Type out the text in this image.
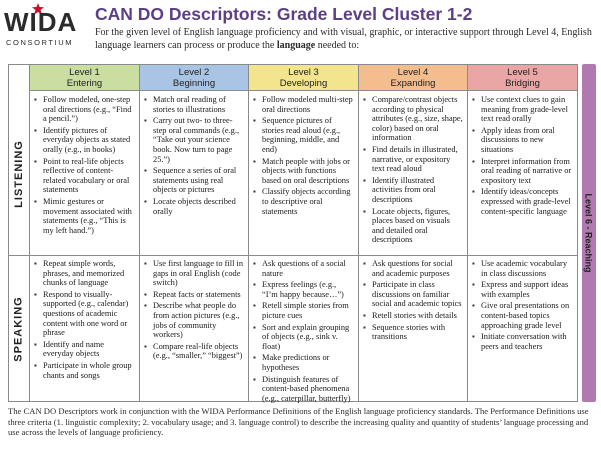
WIDA
CONSORTIUM
CAN DO Descriptors: Grade Level Cluster 1-2
For the given level of English language proficiency and with visual, graphic, or interactive support through Level 4, English language learners can process or produce the language needed to:
LISTENING
SPEAKING
Level 1
Entering
▪ Follow modeled, one-step oral directions (e.g., “Find a pencil.”)
▪ Identify pictures of everyday objects as stated orally (e.g., in books)
▪ Point to real-life objects reflective of content-related vocabulary or oral statements
▪ Mimic gestures or movement associated with statements (e.g., “This is my left hand.”)
▪ Repeat simple words, phrases, and memorized chunks of language
▪ Respond to visually-supported (e.g., calendar) questions of academic content with one word or phrase
▪ Identify and name everyday objects
▪ Participate in whole group chants and songs
Level 2
Beginning
▪ Match oral reading of stories to illustrations
▪ Carry out two- to three-step oral commands (e.g., “Take out your science book. Now turn to page 25.”)
▪ Sequence a series of oral statements using real objects or pictures
▪ Locate objects described orally
▪ Use first language to fill in gaps in oral English (code switch)
▪ Repeat facts or statements
▪ Describe what people do from action pictures (e.g., jobs of community workers)
▪ Compare real-life objects (e.g., “smaller,” “biggest”)
Level 3
Developing
▪ Follow modeled multi-step oral directions
▪ Sequence pictures of stories read aloud (e.g., beginning, middle, and end)
▪ Match people with jobs or objects with functions based on oral descriptions
▪ Classify objects according to descriptive oral statements
▪ Ask questions of a social nature
▪ Express feelings (e.g., “I’m happy because…”)
▪ Retell simple stories from picture cues
▪ Sort and explain grouping of objects (e.g., sink v. float)
▪ Make predictions or hypotheses
▪ Distinguish features of content-based phenomena (e.g., caterpillar, butterfly)
Level 4
Expanding
▪ Compare/contrast objects according to physical attributes (e.g., size, shape, color) based on oral information
▪ Find details in illustrated, narrative, or expository text read aloud
▪ Identify illustrated activities from oral descriptions
▪ Locate objects, figures, places based on visuals and detailed oral descriptions
▪ Ask questions for social and academic purposes
▪ Participate in class discussions on familiar social and academic topics
▪ Retell stories with details
▪ Sequence stories with transitions
Level 5
Bridging
▪ Use context clues to gain meaning from grade-level text read orally
▪ Apply ideas from oral discussions to new situations
▪ Interpret information from oral reading of narrative or expository text
▪ Identify ideas/concepts expressed with grade-level content-specific language
▪ Use academic vocabulary in class discussions
▪ Express and support ideas with examples
▪ Give oral presentations on content-based topics approaching grade level
▪ Initiate conversation with peers and teachers
Level 6 - Reaching
The CAN DO Descriptors work in conjunction with the WIDA Performance Definitions of the English language proficiency standards. The Performance Definitions use three criteria (1. linguistic complexity; 2. vocabulary usage; and 3. language control) to describe the increasing quality and quantity of students’ language processing and use across the levels of language proficiency.
